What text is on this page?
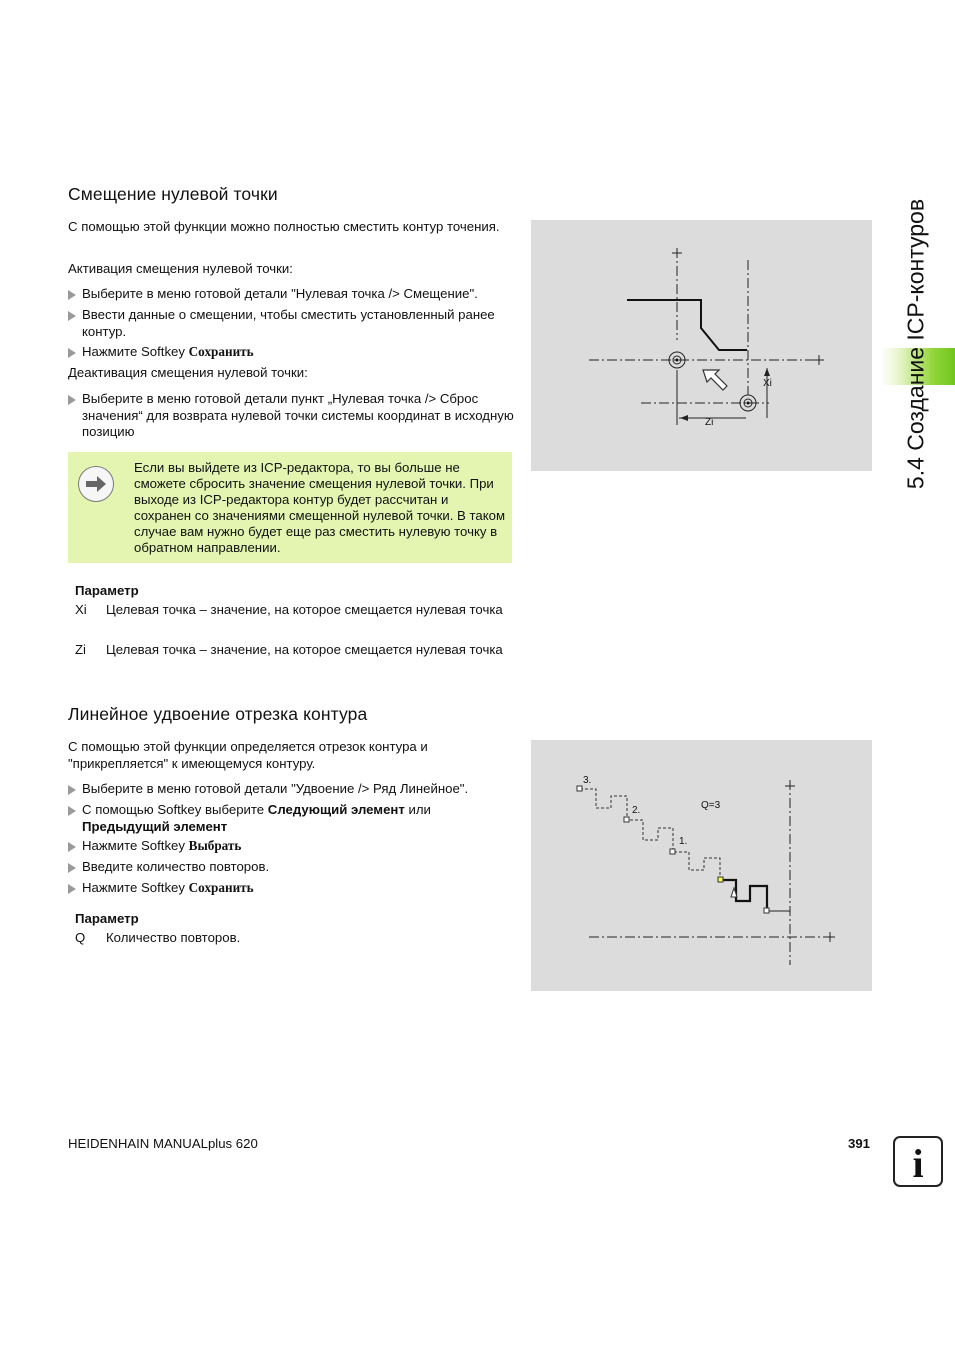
5.4 Создание ICP-контуров
Смещение нулевой точки

С помощью этой функции можно полностью сместить контур точения.

Активация смещения нулевой точки:

Выберите в меню готовой детали "Нулевая точка /> Смещение".
Ввести данные о смещении, чтобы сместить установленный ранее контур.
Нажмите Softkey Сохранить

Деактивация смещения нулевой точки:

Выберите в меню готовой детали пункт „Нулевая точка /> Сброс значения“ для возврата нулевой точки системы координат в исходную позицию
Если вы выйдете из ICP-редактора, то вы больше не сможете сбросить значение смещения нулевой точки. При выходе из ICP-редактора контур будет рассчитан и сохранен со значениями смещенной нулевой точки. В таком случае вам нужно будет еще раз сместить нулевую точку в обратном направлении.
Параметр
Xi Целевая точка – значение, на которое смещается нулевая точка
Zi Целевая точка – значение, на которое смещается нулевая точка
Xi
Zi
Линейное удвоение отрезка контура

С помощью этой функции определяется отрезок контура и "прикрепляется" к имеющемуся контуру.

Выберите в меню готовой детали "Удвоение /> Ряд Линейное".
С помощью Softkey выберите Следующий элемент или Предыдущий элемент
Нажмите Softkey Выбрать
Введите количество повторов.
Нажмите Softkey Сохранить
Параметр
Q Количество повторов.
3.
2.
1.
Q=3
HEIDENHAIN MANUALplus 620	391 i
